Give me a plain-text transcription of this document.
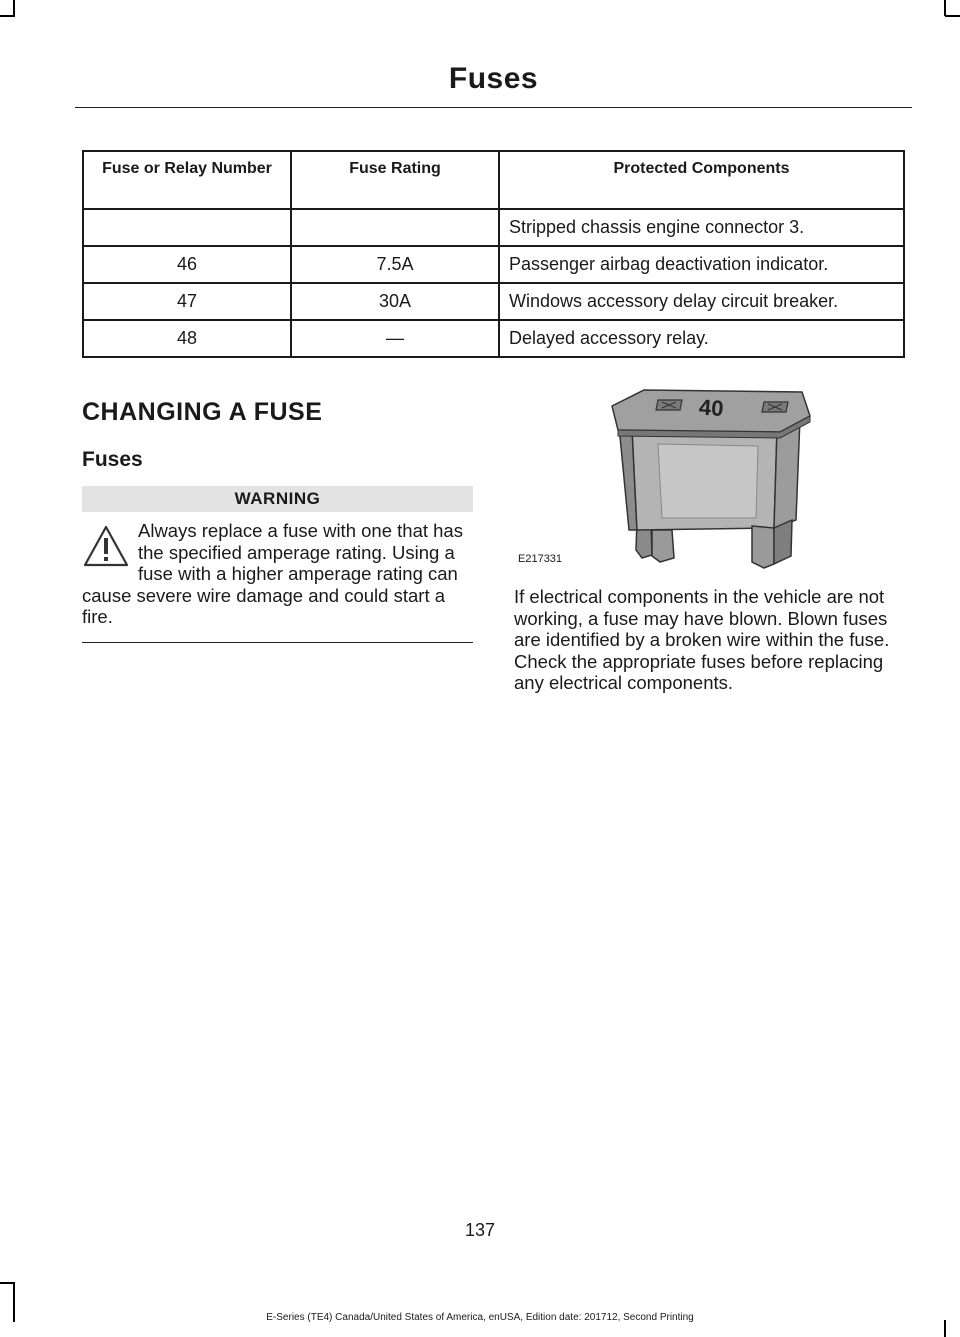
Fuses
Fuse or Relay Number	Fuse Rating	Protected Components
		Stripped chassis engine connector 3.
46	7.5A	Passenger airbag deactivation indicator.
47	30A	Windows accessory delay circuit breaker.
48	—	Delayed accessory relay.
CHANGING A FUSE
Fuses
WARNING
Always replace a fuse with one that has the specified amperage rating. Using a fuse with a higher amperage rating can cause severe wire damage and could start a fire.
40
E217331
If electrical components in the vehicle are not working, a fuse may have blown. Blown fuses are identified by a broken wire within the fuse. Check the appropriate fuses before replacing any electrical components.
137
E-Series (TE4) Canada/United States of America, enUSA, Edition date: 201712, Second Printing
